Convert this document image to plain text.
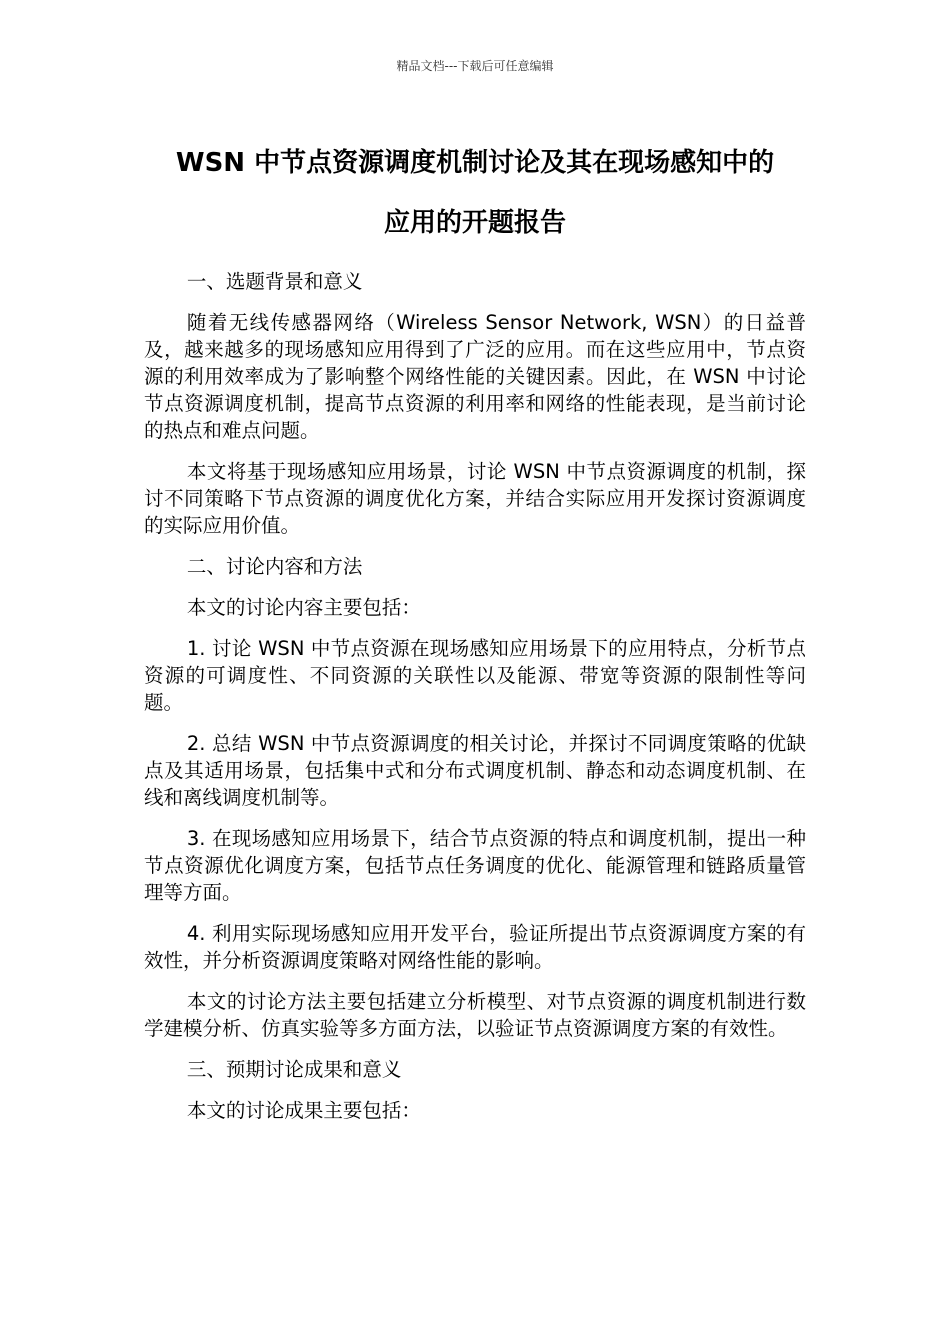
精品文档---下载后可任意编辑
WSN 中节点资源调度机制讨论及其在现场感知中的
应用的开题报告

一、选题背景和意义

随着无线传感器网络（Wireless Sensor Network, WSN）的日益普及，越来越多的现场感知应用得到了广泛的应用。而在这些应用中，节点资源的利用效率成为了影响整个网络性能的关键因素。因此，在 WSN 中讨论节点资源调度机制，提高节点资源的利用率和网络的性能表现，是当前讨论的热点和难点问题。

本文将基于现场感知应用场景，讨论 WSN 中节点资源调度的机制，探讨不同策略下节点资源的调度优化方案，并结合实际应用开发探讨资源调度的实际应用价值。

二、讨论内容和方法

本文的讨论内容主要包括：

1. 讨论 WSN 中节点资源在现场感知应用场景下的应用特点，分析节点资源的可调度性、不同资源的关联性以及能源、带宽等资源的限制性等问题。

2. 总结 WSN 中节点资源调度的相关讨论，并探讨不同调度策略的优缺点及其适用场景，包括集中式和分布式调度机制、静态和动态调度机制、在线和离线调度机制等。

3. 在现场感知应用场景下，结合节点资源的特点和调度机制，提出一种节点资源优化调度方案，包括节点任务调度的优化、能源管理和链路质量管理等方面。

4. 利用实际现场感知应用开发平台，验证所提出节点资源调度方案的有效性，并分析资源调度策略对网络性能的影响。

本文的讨论方法主要包括建立分析模型、对节点资源的调度机制进行数学建模分析、仿真实验等多方面方法，以验证节点资源调度方案的有效性。

三、预期讨论成果和意义

本文的讨论成果主要包括：
